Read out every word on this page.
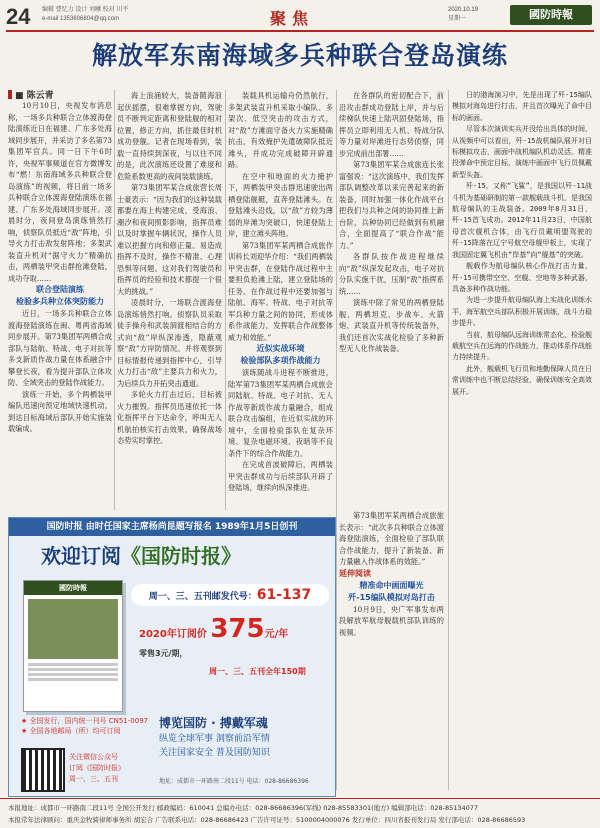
24 编辑 曹忆力 设计 刘曦 校对 川平
e-mail 1353606804@qq.com	聚焦	2020.10.19
星期一	國防時報
解放军东南海域多兵种联合登岛演练
■ 陈云青

10月10日，央视发布消息称，一场多兵种联合立体渡海登陆演练近日在福建、广东多处海域同步展开，并采访了多名第73集团军官兵。同一日下午6时许，央视军事频道在官方微博发布“燃！东南海域多兵种联合登岛演练”的视频，将日前一场多兵种联合立体渡海登陆演练在福建、广东多处海域同步展开。凌晨时分，夜间登岛演练悄然打响，侦察队员抵近“敌”阵地，引导火力打击敌发射阵地；多架武装直升机对“据守火力”精确抗击，两栖装甲突击群抢滩登陆，成功夺取……

联合登陆演练
检验多兵种立体突防能力

近日，一场多兵种联合立体渡海登陆演练在闽、粤两省海域同步展开。第73集团军两栖合成部队与陆航、特战、电子对抗等多支新质作战力量在体系融合中攀登长夜，看为提升部队立体攻防、全域突击的登陆作战能力。

演练一开始，多个两栖装甲编队迅速向预定地域快速机动，到达目标海域后部队开始实施装载编成。

海上浪涌较大，装备随海浪起伏摇摆，很难掌握方向，驾驶员不断判定距离和登陆舰的相对位置，修正方向，抓住最佳时机成功登舰。记者在现场看到，装载一直持续到深夜，与以往不同的是，此次演练还设置了难度和危险系数更高的夜间装载演练。

第73集团军某合成旅营长周士豪表示：“因为我们的这种装载都要在海上构建完成，受海浪、潮汐和夜间照影影响，指挥员难以及时掌握车辆状况，操作人员难以把握方向和修正量。易造成指挥不及时，操作不精准、心理恐惧等问题。这对我们驾驶员和指挥员的经验和技术都提一个很大的挑战。”

凌晨时分，一场联合渡海登岛演练悄然打响。侦察队员采取徒手操舟和武装泅渡相结合的方式向“敌”岸纵深渗透，隐蔽观察“敌”方岸防情况。并将观察到目标情报传递到指挥中心，引导火力打击“敌”主要兵力和火力，为后续兵力开拓突击通道。

多轮火力打击过后，目标被火力摧毁。指挥员迅速依托一体化指挥平台下达命令，呼叫无人机航拍核实打击效果，确保战场态势实时掌控。

装载具机运输舟仍然航行，多架武装直升机采取小编队、多架次、低空突击的攻击方式，对“敌”方滩面守备火力实施精确抗击，有效掩护先遣破障队抵近滩头，并成功完成破障开辟通路。

在空中和地面的火力掩护下，两栖装甲突击群迅速驶出两栖登陆舰艇，直奔登陆滩头。在登陆滩头沿线，以“敌”方较为薄弱的岸滩为突破口，快速登陆上岸，建立滩头阵地。

第73集团军某两栖合成旅作训科长刘迎华介绍：“我们两栖装甲突击群，在登陆作战过程中主要担负抢滩上陆，建立登陆场的任务。在作战过程中还要加强与陆航、海军、特战、电子对抗等军兵种力量之间的协同，形成体系作战能力，发挥联合作战整体威力和效能。”

近似实战环境
检验部队多项作战能力

演练随战斗进程不断推进，陆军第73集团军某两栖合成旅会同陆航、特战、电子对抗、无人作战等新质作战力量融合，组成联合攻击编组，在近似实战的环境中，全面检验部队在复杂环境、复杂电磁环境、夜暗等不良条件下的综合作战能力。

在完成首波破障后，两栖装甲突击群成功与后续部队开辟了登陆场，继续向纵深推进。

在各群队的密切配合下，前沿攻击群成功登陆上岸，并与后续梯队快速上陆巩固登陆场，指挥员立即利用无人机、特战分队等力量对岸滩进行态势侦察，同步完成前出部署……

第73集团军某合成旅连长张富强说：“这次演练中，我们发挥部队调整改革以来完善起来的新装备，同时加强一体化作战平台把我们与兵种之间的协同推上新台阶，兵种协同已经做到有机融合，全面提高了“联合作战”能力。”

各群队按作战进程继续向“敌”纵深发起攻击，电子对抗分队实施干扰，压制“敌”指挥系统……

演练中除了常见的两栖登陆舰、两栖坦克、步战车、火箭炮、武装直升机等传统装备外，我们还首次实战化检验了多种新型无人化作战装备。

第73集团军某两栖合成旅旅长表示：“此次多兵种联合立体渡海登陆演练，全面检验了部队联合作战能力，提升了新装备、新力量融入作战体系的效能。”

延伸阅读

精准命中画面曝光
歼-15编队模拟对岛打击

10月9日，央广军事发布两段解放军航母舰载机部队训练的视频。

日的渤海演习中，先是出现了歼-15编队模拟对海岛进行打击，并且首次曝光了命中目标的画面。

尽管本次演训实兵并没给出具体的时间，从视频中可以看出，歼-15战机编队展开对目标模拟攻击，画面中战机编队机动灵活。精准投弹命中预定目标，演练中画面中飞行员佩戴新型头盔。

歼-15，又称“飞鲨”，是我国以歼-11战斗机为基础研制的第一款舰载战斗机，是我国航母编队的主战装备。2009年8月31日，歼-15首飞成功。2012年11月23日，中国航母首次舰机合体，由飞行员戴明盟驾驶的歼-15降落在辽宁号航空母舰甲板上，实现了我国固定翼飞机由“岸基”向“舰基”的突破。

舰载作为航母编队核心作战打击力量，歼-15可携带空空、空舰、空地等多种武器，具备多种作战功能。

为进一步提升航母编队海上实战化训练水平，海军航空兵部队积极开展训练，战斗力稳步提升。

当前，航母编队远海训练常态化，检验舰载航空兵在远海的作战能力，推动体系作战能力持续提升。

此外，舰载机飞行员和地勤保障人员在日常训练中也不断总结经验，确保训练安全高效展开。

国防时报 由时任国家主席杨尚昆题写报名 1989年1月5日创刊
欢迎订阅《国防时报》
國防時報
周一、三、五刊邮发代号：61-137
2020年订阅价 375元/年
零售3元/期，
周一、三、五刊全年150期
★ 全国发行，国内统一刊号 CN51-0097
★ 全国各地邮局（所）均可订阅
关注微信公众号
订阅《国防时报》
周一、三、五刊
博览国防 · 搏戴军魂
纵览全球军事 洞察前沿军情
关注国家安全 普及国防知识
地址：成都市一环路南二段11号 电话：028-86686396
本报地址：成都市一环路南二段11号 全国公开发行 邮政编码：610041 总编办电话：028-86686396(军线) 028-85583301(地方) 编辑部电话：028-85134077
本报常年法律顾问：重庆金牧骑律师事务所 胡宏合 广告联系电话：028-86686423 广告许可证号：5100004000076 发行单位：四川省报刊发行局 发行部电话：028-86686593
